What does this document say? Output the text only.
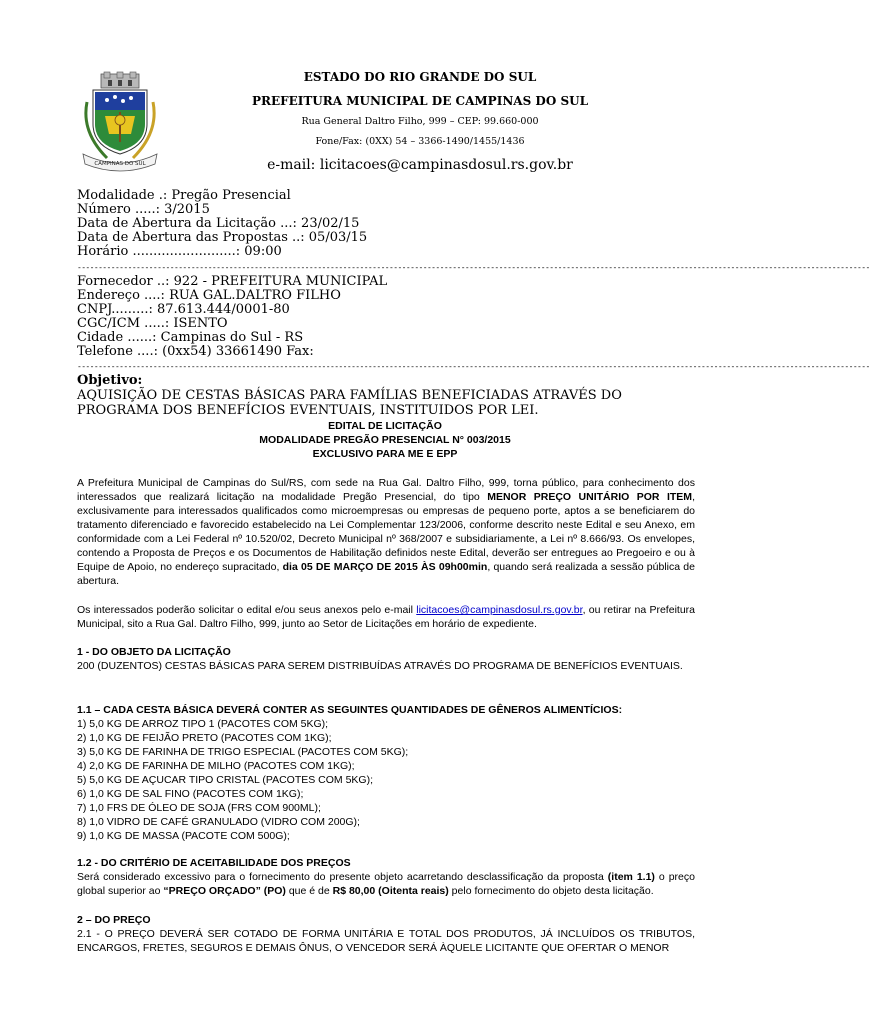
CAMPINAS DO SUL
ESTADO DO RIO GRANDE DO SUL
PREFEITURA MUNICIPAL DE CAMPINAS DO SUL
Rua General Daltro Filho, 999 – CEP: 99.660-000
Fone/Fax: (0XX) 54 – 3366-1490/1455/1436
e-mail: licitacoes@campinasdosul.rs.gov.br
Modalidade .: Pregão Presencial
Número .....: 3/2015
Data de Abertura da Licitação ...: 23/02/15
Data de Abertura das Propostas ..: 05/03/15
Horário .........................: 09:00
--------------------------------------------------------------------------------------------------------------------------------------------------------------------------------------------
Fornecedor ..: 922 - PREFEITURA MUNICIPAL
Endereço ....: RUA GAL.DALTRO FILHO
CNPJ.........: 87.613.444/0001-80
CGC/ICM .....: ISENTO
Cidade ......: Campinas do Sul - RS
Telefone ....: (0xx54) 33661490 Fax:
--------------------------------------------------------------------------------------------------------------------------------------------------------------------------------------------
Objetivo:
AQUISIÇÃO DE CESTAS BÁSICAS PARA FAMÍLIAS BENEFICIADAS ATRAVÉS DO PROGRAMA DOS BENEFÍCIOS EVENTUAIS, INSTITUIDOS POR LEI.
EDITAL DE LICITAÇÃO
MODALIDADE PREGÃO PRESENCIAL N° 003/2015
EXCLUSIVO PARA ME E EPP

A Prefeitura Municipal de Campinas do Sul/RS, com sede na Rua Gal. Daltro Filho, 999, torna público, para conhecimento dos interessados que realizará licitação na modalidade Pregão Presencial, do tipo MENOR PREÇO UNITÁRIO POR ITEM, exclusivamente para interessados qualificados como microempresas ou empresas de pequeno porte, aptos a se beneficiarem do tratamento diferenciado e favorecido estabelecido na Lei Complementar 123/2006, conforme descrito neste Edital e seu Anexo, em conformidade com a Lei Federal nº 10.520/02, Decreto Municipal nº 368/2007 e subsidiariamente, a Lei nº 8.666/93. Os envelopes, contendo a Proposta de Preços e os Documentos de Habilitação definidos neste Edital, deverão ser entregues ao Pregoeiro e ou à Equipe de Apoio, no endereço supracitado, dia 05 DE MARÇO DE 2015 ÀS 09h00min, quando será realizada a sessão pública de abertura.

Os interessados poderão solicitar o edital e/ou seus anexos pelo e-mail licitacoes@campinasdosul.rs.gov.br, ou retirar na Prefeitura Municipal, sito a Rua Gal. Daltro Filho, 999, junto ao Setor de Licitações em horário de expediente.

1 - DO OBJETO DA LICITAÇÃO

200 (DUZENTOS) CESTAS BÁSICAS PARA SEREM DISTRIBUÍDAS ATRAVÉS DO PROGRAMA DE BENEFÍCIOS EVENTUAIS.

1.1 – CADA CESTA BÁSICA DEVERÁ CONTER AS SEGUINTES QUANTIDADES DE GÊNEROS ALIMENTÍCIOS:

1) 5,0 KG DE ARROZ TIPO 1 (PACOTES COM 5KG);
2) 1,0 KG DE FEIJÃO PRETO (PACOTES COM 1KG);
3) 5,0 KG DE FARINHA DE TRIGO ESPECIAL (PACOTES COM 5KG);
4) 2,0 KG DE FARINHA DE MILHO (PACOTES COM 1KG);
5) 5,0 KG DE AÇUCAR TIPO CRISTAL (PACOTES COM 5KG);
6) 1,0 KG DE SAL FINO (PACOTES COM 1KG);
7) 1,0 FRS DE ÓLEO DE SOJA (FRS COM 900ML);
8) 1,0 VIDRO DE CAFÉ GRANULADO (VIDRO COM 200G);
9) 1,0 KG DE MASSA (PACOTE COM 500G);

1.2 - DO CRITÉRIO DE ACEITABILIDADE DOS PREÇOS

Será considerado excessivo para o fornecimento do presente objeto acarretando desclassificação da proposta (item 1.1) o preço global superior ao “PREÇO ORÇADO” (PO) que é de R$ 80,00 (Oitenta reais) pelo fornecimento do objeto desta licitação.

2 – DO PREÇO

2.1 - O PREÇO DEVERÁ SER COTADO DE FORMA UNITÁRIA E TOTAL DOS PRODUTOS, JÁ INCLUÍDOS OS TRIBUTOS, ENCARGOS, FRETES, SEGUROS E DEMAIS ÔNUS, O VENCEDOR SERÁ ÀQUELE LICITANTE QUE OFERTAR O MENOR
